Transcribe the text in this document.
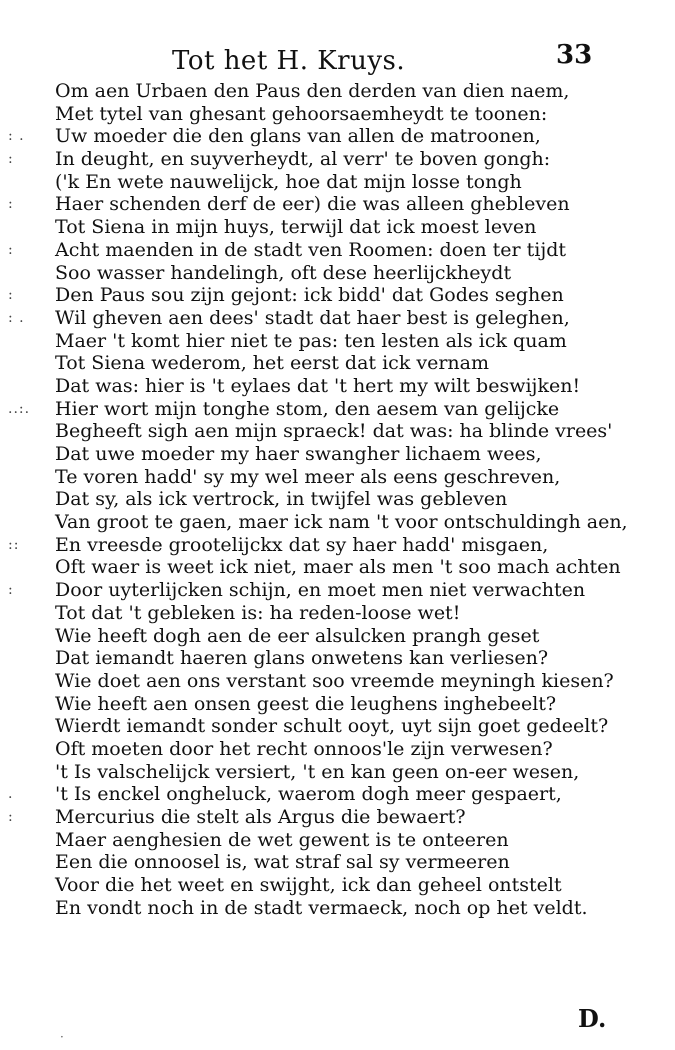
Tot het H. Kruys.	33
Om aen Urbaen den Paus den derden van dien naem,
Met tytel van ghesant gehoorsaemheydt te toonen:
: . Uw moeder die den glans van allen de matroonen,
: In deught, en suyverheydt, al verr' te boven gongh:
('k En wete nauwelijck, hoe dat mijn losse tongh
: Haer schenden derf de eer) die was alleen ghebleven
Tot Siena in mijn huys, terwijl dat ick moest leven
: Acht maenden in de stadt ven Roomen: doen ter tijdt
Soo wasser handelingh, oft dese heerlijckheydt
: Den Paus sou zijn gejont: ick bidd' dat Godes seghen
: . Wil gheven aen dees' stadt dat haer best is geleghen,
Maer 't komt hier niet te pas: ten lesten als ick quam
Tot Siena wederom, het eerst dat ick vernam
Dat was: hier is 't eylaes dat 't hert my wilt beswijken!
..:. Hier wort mijn tonghe stom, den aesem van gelijcke
Begheeft sigh aen mijn spraeck! dat was: ha blinde vrees'
Dat uwe moeder my haer swangher lichaem wees,
Te voren hadd' sy my wel meer als eens geschreven,
Dat sy, als ick vertrock, in twijfel was gebleven
Van groot te gaen, maer ick nam 't voor ontschuldingh aen,
:: En vreesde grootelijckx dat sy haer hadd' misgaen,
Oft waer is weet ick niet, maer als men 't soo mach achten
: Door uyterlijcken schijn, en moet men niet verwachten
Tot dat 't gebleken is: ha reden-loose wet!
Wie heeft dogh aen de eer alsulcken prangh geset
Dat iemandt haeren glans onwetens kan verliesen?
Wie doet aen ons verstant soo vreemde meyningh kiesen?
Wie heeft aen onsen geest die leughens inghebeelt?
Wierdt iemandt sonder schult ooyt, uyt sijn goet gedeelt?
Oft moeten door het recht onnoos'le zijn verwesen?
't Is valschelijck versiert, 't en kan geen on-eer wesen,
. 't Is enckel ongheluck, waerom dogh meer gespaert,
: Mercurius die stelt als Argus die bewaert?
Maer aenghesien de wet gewent is te onteeren
Een die onnoosel is, wat straf sal sy vermeeren
Voor die het weet en swijght, ick dan geheel ontstelt
En vondt noch in de stadt vermaeck, noch op het veldt.
D.
·
